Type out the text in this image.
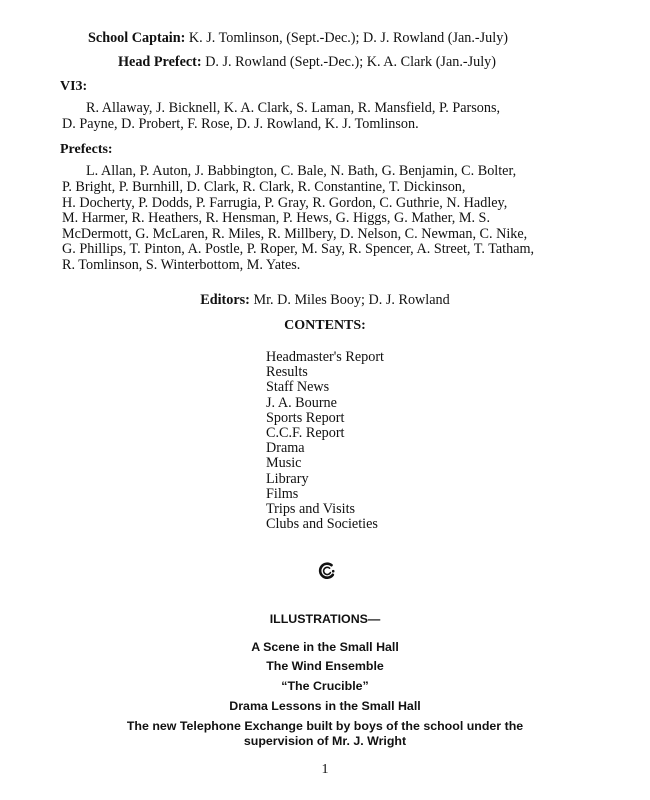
School Captain: K. J. Tomlinson, (Sept.-Dec.); D. J. Rowland (Jan.-July)
Head Prefect: D. J. Rowland (Sept.-Dec.); K. A. Clark (Jan.-July)
VI3:
R. Allaway, J. Bicknell, K. A. Clark, S. Laman, R. Mansfield, P. Parsons,
D. Payne, D. Probert, F. Rose, D. J. Rowland, K. J. Tomlinson.
Prefects:
L. Allan, P. Auton, J. Babbington, C. Bale, N. Bath, G. Benjamin, C. Bolter,
P. Bright, P. Burnhill, D. Clark, R. Clark, R. Constantine, T. Dickinson,
H. Docherty, P. Dodds, P. Farrugia, P. Gray, R. Gordon, C. Guthrie, N. Hadley,
M. Harmer, R. Heathers, R. Hensman, P. Hews, G. Higgs, G. Mather, M. S.
McDermott, G. McLaren, R. Miles, R. Millbery, D. Nelson, C. Newman, C. Nike,
G. Phillips, T. Pinton, A. Postle, P. Roper, M. Say, R. Spencer, A. Street, T. Tatham,
R. Tomlinson, S. Winterbottom, M. Yates.
Editors: Mr. D. Miles Booy; D. J. Rowland
CONTENTS:
Headmaster's Report
Results
Staff News
J. A. Bourne
Sports Report
C.C.F. Report
Drama
Music
Library
Films
Trips and Visits
Clubs and Societies
ILLUSTRATIONS—
A Scene in the Small Hall
The Wind Ensemble
“The Crucible”
Drama Lessons in the Small Hall
The new Telephone Exchange built by boys of the school under the
supervision of Mr. J. Wright
1
